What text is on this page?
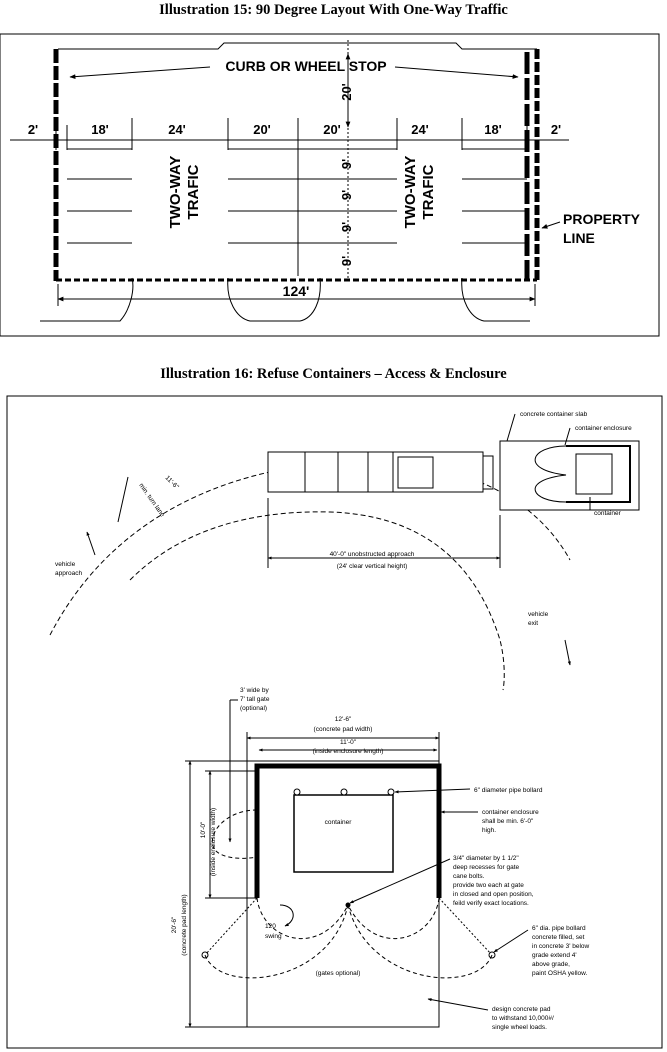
Illustration 15: 90 Degree Layout With One-Way Traffic
Illustration 16: Refuse Containers – Access & Enclosure
CURB OR WHEEL STOP
20'
2'	18'	24'	20'	20'	24'	18'	2'
9'
9'
9'
9'
TWO-WAY TRAFIC	TWO-WAY TRAFIC	PROPERTY
LINE
124'
11'-6"
min. turn lane
vehicle
approach
vehicle
exit
concrete container slab
container enclosure
container
40'-0" unobstructed approach
(24' clear vertical height)
container
3' wide by
7' tall gate
(optional)
120
swing
(gates optional)
12'-6"
(concrete pad width)
11'-0"
(inside enclosure length)
20'-6" (concrete pad length)
10'-0" (inside enclosure width)
6" diameter pipe bollard
container enclosure
shall be min. 6'-0"
high.
3/4" diameter by 1 1/2"
deep recesses for gate
cane bolts.
provide two each at gate
in closed and open position,
feild verify exact locations.
6" dia. pipe bollard
concrete filled, set
in concrete 3' below
grade extend 4'
above grade,
paint OSHA yellow.
design concrete pad
to withstand 10,000#/
single wheel loads.
